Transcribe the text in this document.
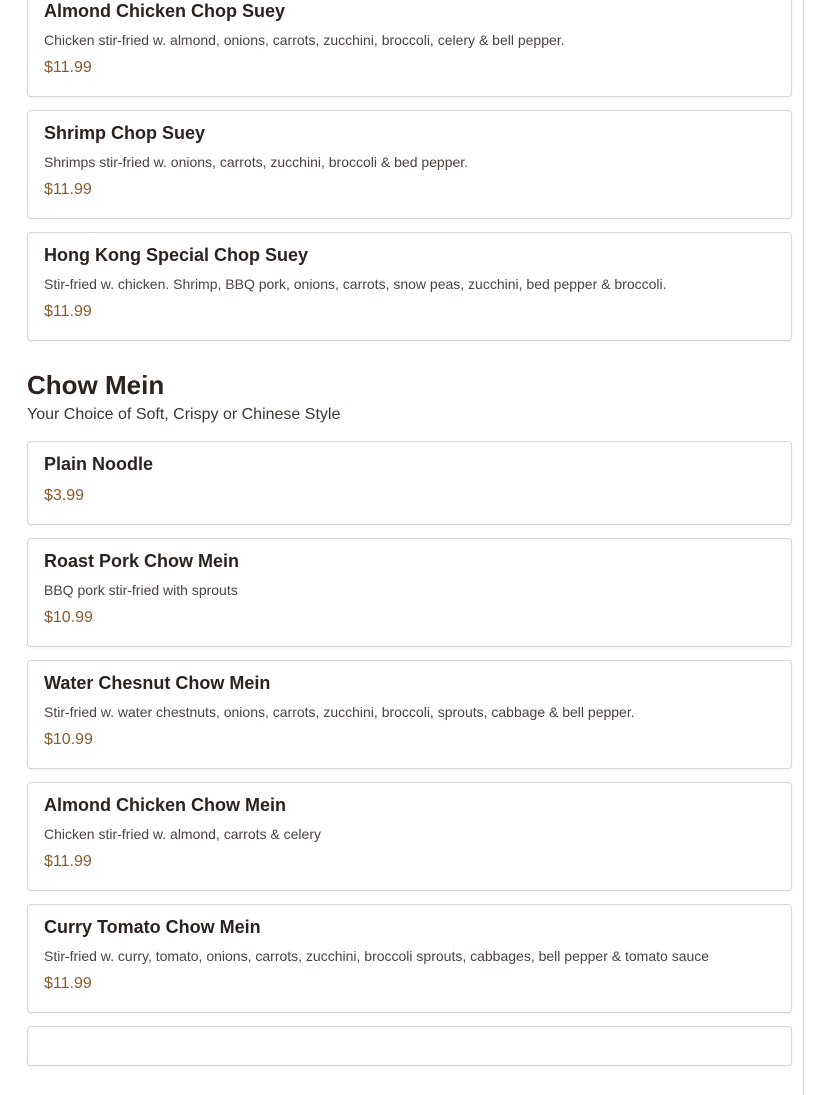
Almond Chicken Chop Suey
Chicken stir-fried w. almond, onions, carrots, zucchini, broccoli, celery & bell pepper.
$11.99
Shrimp Chop Suey
Shrimps stir-fried w. onions, carrots, zucchini, broccoli & bed pepper.
$11.99
Hong Kong Special Chop Suey
Stir-fried w. chicken. Shrimp, BBQ pork, onions, carrots, snow peas, zucchini, bed pepper & broccoli.
$11.99
Chow Mein
Your Choice of Soft, Crispy or Chinese Style
Plain Noodle
$3.99
Roast Pork Chow Mein
BBQ pork stir-fried with sprouts
$10.99
Water Chesnut Chow Mein
Stir-fried w. water chestnuts, onions, carrots, zucchini, broccoli, sprouts, cabbage & bell pepper.
$10.99
Almond Chicken Chow Mein
Chicken stir-fried w. almond, carrots & celery
$11.99
Curry Tomato Chow Mein
Stir-fried w. curry, tomato, onions, carrots, zucchini, broccoli sprouts, cabbages, bell pepper & tomato sauce
$11.99
